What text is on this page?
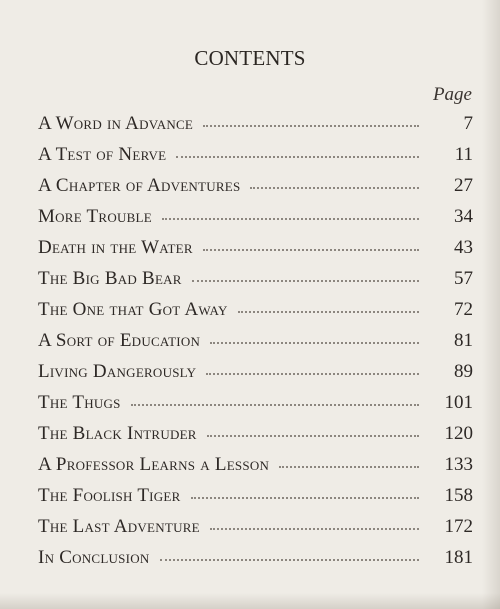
CONTENTS
Page
A Word in Advance	7
A Test of Nerve	11
A Chapter of Adventures	27
More Trouble	34
Death in the Water	43
The Big Bad Bear	57
The One that Got Away	72
A Sort of Education	81
Living Dangerously	89
The Thugs	101
The Black Intruder	120
A Professor Learns a Lesson	133
The Foolish Tiger	158
The Last Adventure	172
In Conclusion	181
